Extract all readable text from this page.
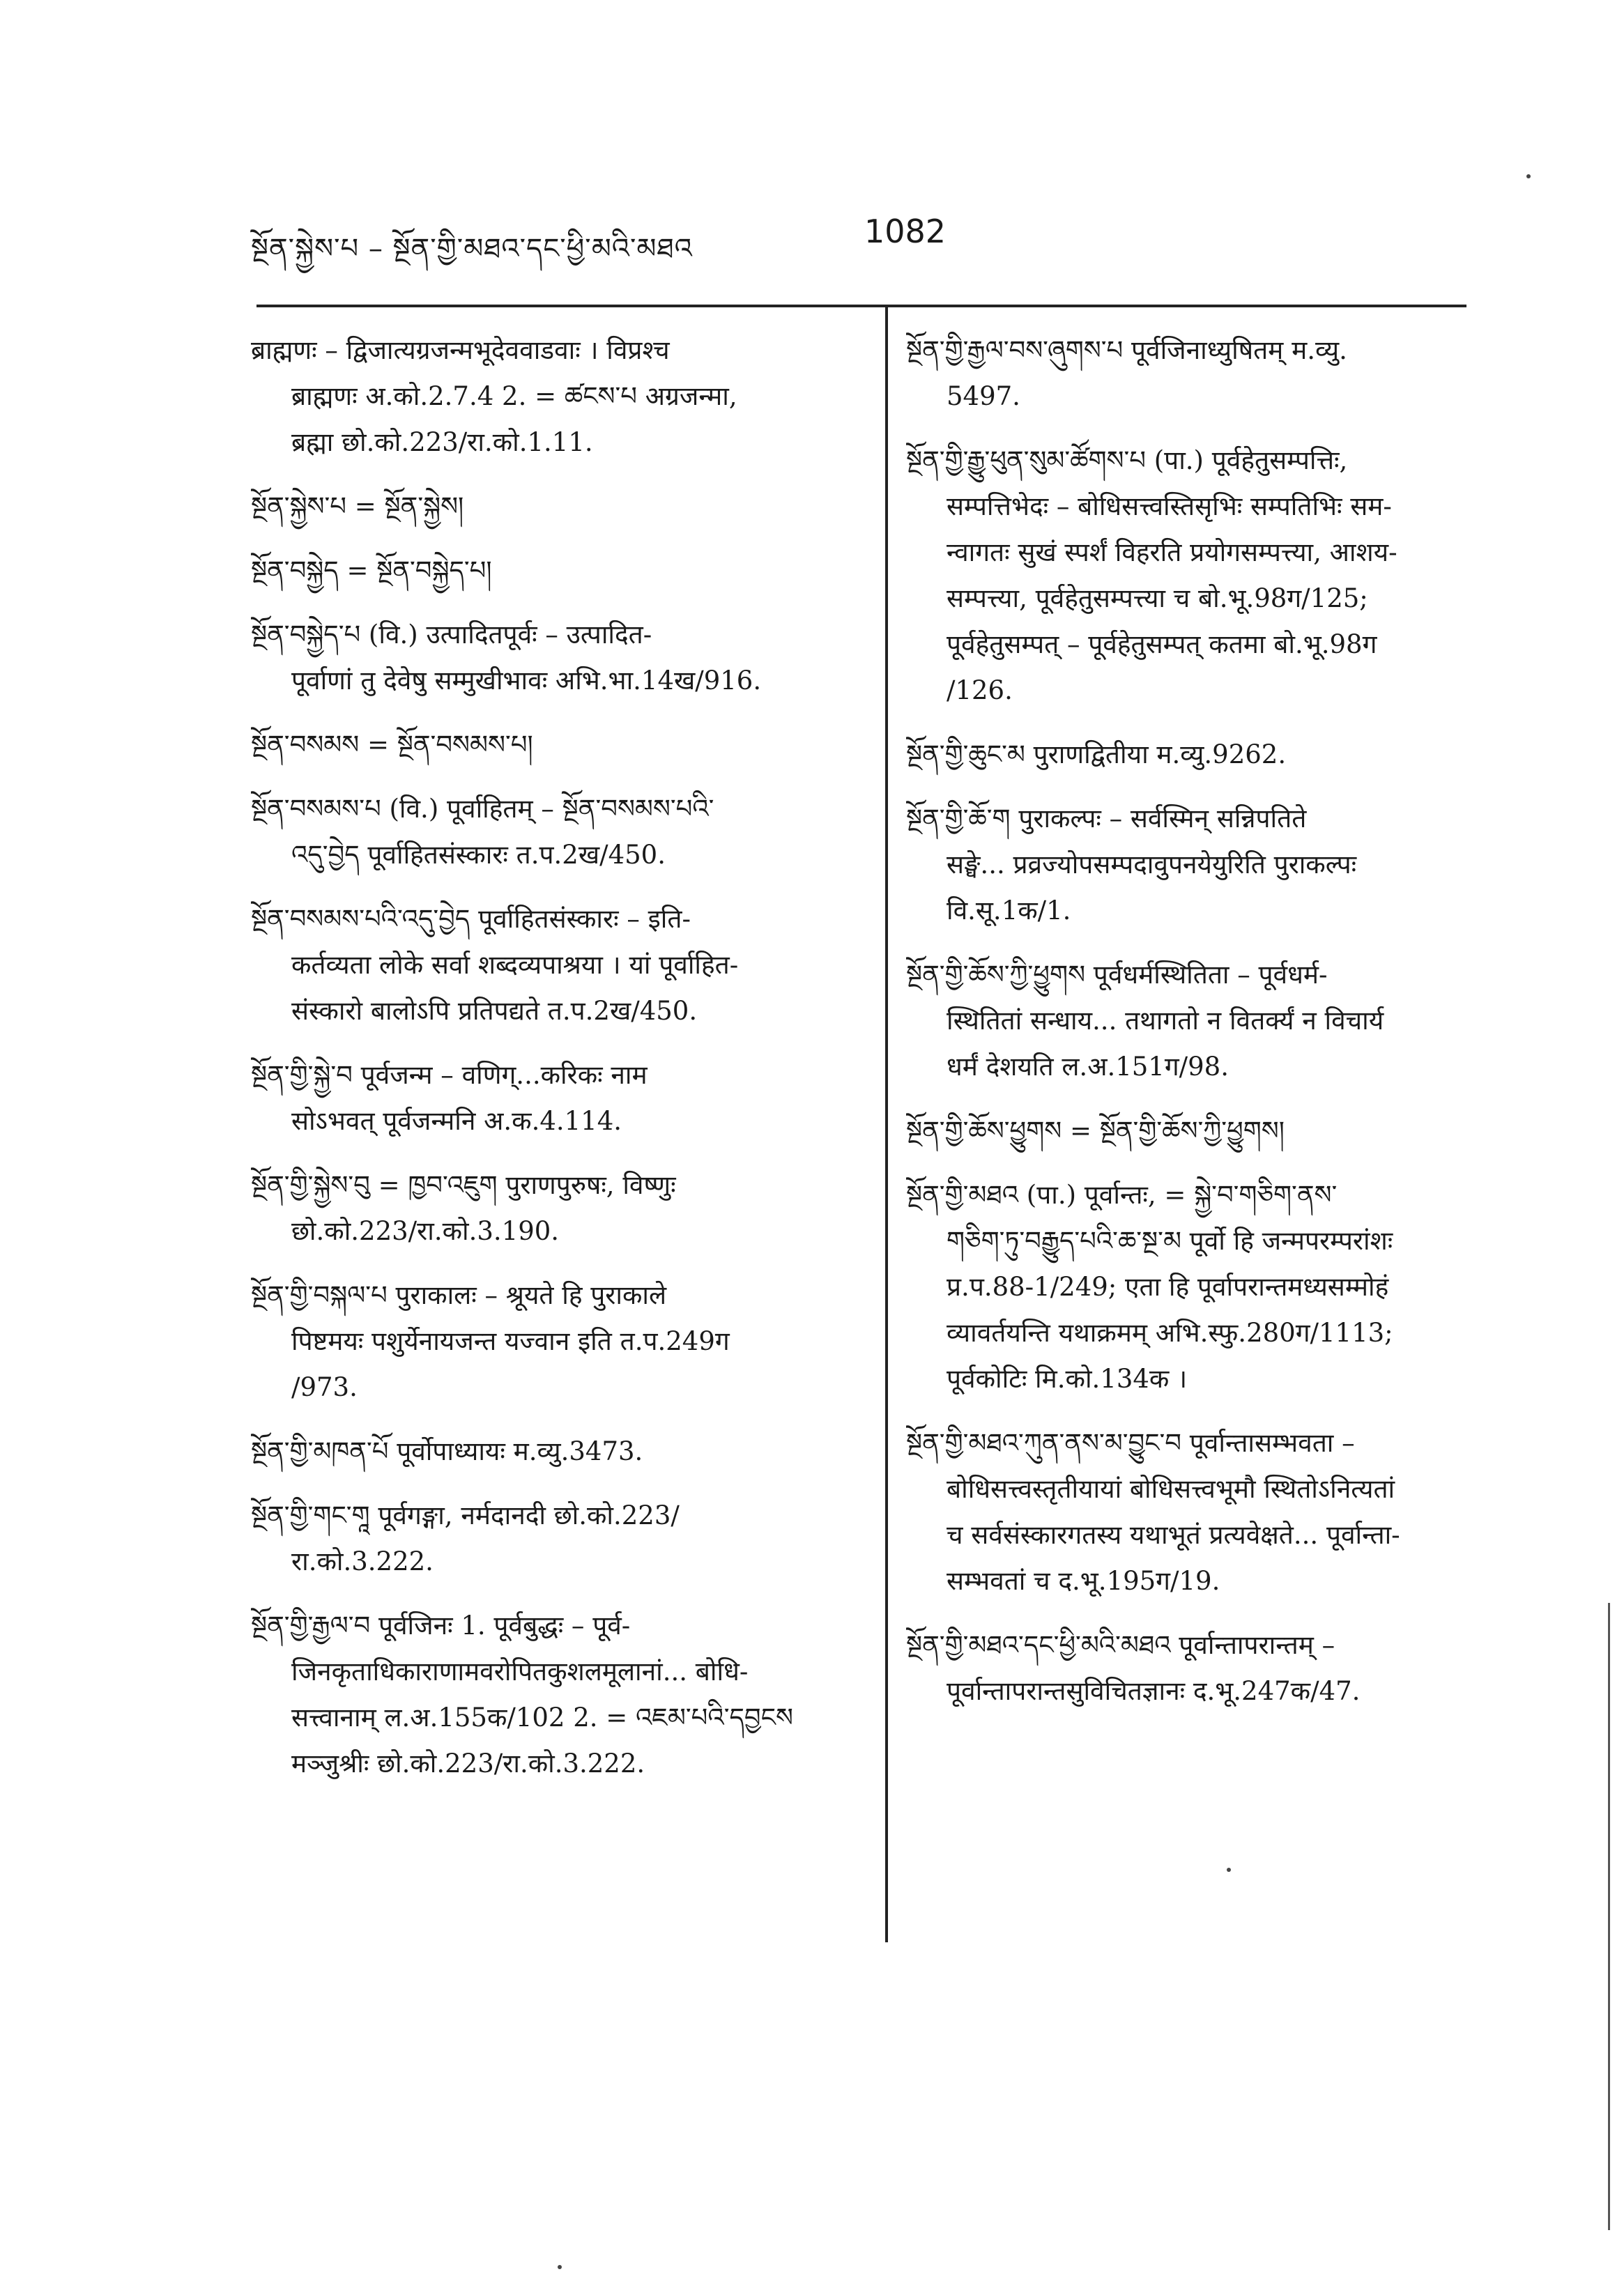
སྔོན་སྐྱེས་པ – སྔོན་གྱི་མཐའ་དང་ཕྱི་མའི་མཐའ	1082
ब्राह्मणः – द्विजात्यग्रजन्मभूदेववाडवाः । विप्रश्च
ब्राह्मणः अ.को.2.7.4 2. = ཚངས་པ अग्रजन्मा,
ब्रह्मा छो.को.223/रा.को.1.11.
སྔོན་སྐྱེས་པ = སྔོན་སྐྱེས།
སྔོན་བསྐྱེད = སྔོན་བསྐྱེད་པ།
སྔོན་བསྐྱེད་པ (वि.) उत्पादितपूर्वः – उत्पादित-
पूर्वाणां तु देवेषु सम्मुखीभावः अभि.भा.14ख/916.
སྔོན་བསམས = སྔོན་བསམས་པ།
སྔོན་བསམས་པ (वि.) पूर्वाहितम् – སྔོན་བསམས་པའི་
འདུ་བྱེད पूर्वाहितसंस्कारः त.प.2ख/450.
སྔོན་བསམས་པའི་འདུ་བྱེད पूर्वाहितसंस्कारः – इति-
कर्तव्यता लोके सर्वा शब्दव्यपाश्रया । यां पूर्वाहित-
संस्कारो बालोऽपि प्रतिपद्यते त.प.2ख/450.
སྔོན་གྱི་སྐྱེ་བ पूर्वजन्म – वणिग्...करिकः नाम
सोऽभवत् पूर्वजन्मनि अ.क.4.114.
སྔོན་གྱི་སྐྱེས་བུ = ཁྱབ་འཇུག पुराणपुरुषः, विष्णुः
छो.को.223/रा.को.3.190.
སྔོན་གྱི་བསྐལ་པ पुराकालः – श्रूयते हि पुराकाले
पिष्टमयः पशुर्येनायजन्त यज्वान इति त.प.249ग
/973.
སྔོན་གྱི་མཁན་པོ पूर्वोपाध्यायः म.व्यु.3473.
སྔོན་གྱི་གང་གཱ पूर्वगङ्गा, नर्मदानदी छो.को.223/
रा.को.3.222.
སྔོན་གྱི་རྒྱལ་བ पूर्वजिनः 1. पूर्वबुद्धः – पूर्व-
जिनकृताधिकाराणामवरोपितकुशलमूलानां... बोधि-
सत्त्वानाम् ल.अ.155क/102 2. = འཇམ་པའི་དབྱངས
मञ्जुश्रीः छो.को.223/रा.को.3.222.
སྔོན་གྱི་རྒྱལ་བས་ཞུགས་པ पूर्वजिनाध्युषितम् म.व्यु.
5497.
སྔོན་གྱི་རྒྱུ་ཕུན་སུམ་ཚོགས་པ (पा.) पूर्वहेतुसम्पत्तिः,
सम्पत्तिभेदः – बोधिसत्त्वस्तिसृभिः सम्पतिभिः सम-
न्वागतः सुखं स्पर्शं विहरति प्रयोगसम्पत्त्या, आशय-
सम्पत्त्या, पूर्वहेतुसम्पत्त्या च बो.भू.98ग/125;
पूर्वहेतुसम्पत् – पूर्वहेतुसम्पत् कतमा बो.भू.98ग
/126.
སྔོན་གྱི་ཆུང་མ पुराणद्वितीया म.व्यु.9262.
སྔོན་གྱི་ཆོ་ག पुराकल्पः – सर्वस्मिन् सन्निपतिते
सङ्घे... प्रव्रज्योपसम्पदावुपनयेयुरिति पुराकल्पः
वि.सू.1क/1.
སྔོན་གྱི་ཆོས་ཀྱི་ཕྱུགས पूर्वधर्मस्थितिता – पूर्वधर्म-
स्थितितां सन्धाय... तथागतो न वितर्क्यं न विचार्य
धर्मं देशयति ल.अ.151ग/98.
སྔོན་གྱི་ཆོས་ཕྱུགས = སྔོན་གྱི་ཆོས་ཀྱི་ཕྱུགས།
སྔོན་གྱི་མཐའ (पा.) पूर्वान्तः, = སྐྱེ་བ་གཅིག་ནས་
གཅིག་ཏུ་བརྒྱུད་པའི་ཆ་སྔ་མ पूर्वो हि जन्मपरम्परांशः
प्र.प.88-1/249; एता हि पूर्वापरान्तमध्यसम्मोहं
व्यावर्तयन्ति यथाक्रमम् अभि.स्फु.280ग/1113;
पूर्वकोटिः मि.को.134क ।
སྔོན་གྱི་མཐའ་ཀུན་ནས་མ་བྱུང་བ पूर्वान्तासम्भवता –
बोधिसत्त्वस्तृतीयायां बोधिसत्त्वभूमौ स्थितोऽनित्यतां
च सर्वसंस्कारगतस्य यथाभूतं प्रत्यवेक्षते... पूर्वान्ता-
सम्भवतां च द.भू.195ग/19.
སྔོན་གྱི་མཐའ་དང་ཕྱི་མའི་མཐའ पूर्वान्तापरान्तम् –
पूर्वान्तापरान्तसुविचितज्ञानः द.भू.247क/47.
